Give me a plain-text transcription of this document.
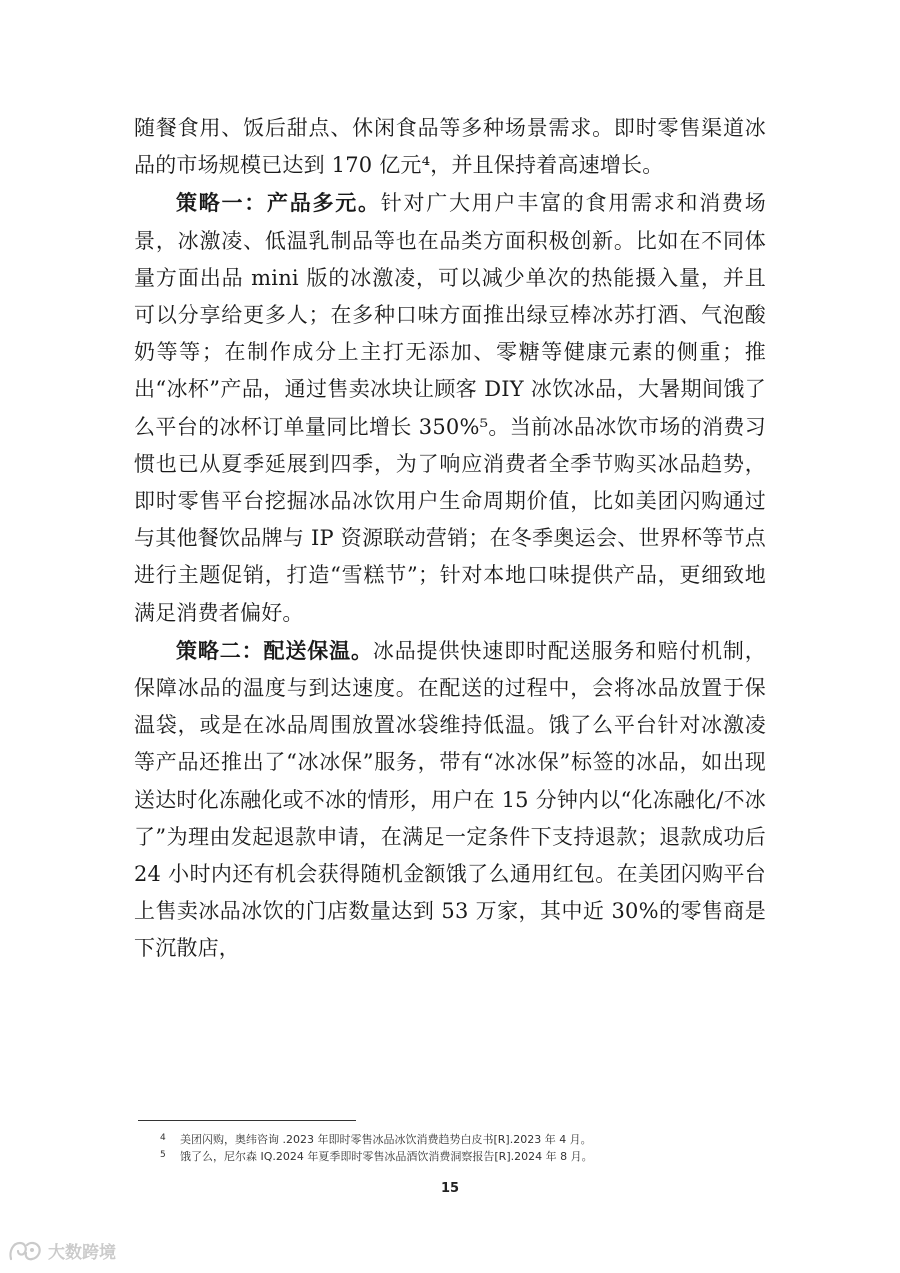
随餐食用、饭后甜点、休闲食品等多种场景需求。即时零售渠道冰品的市场规模已达到 170 亿元⁴，并且保持着高速增长。

策略一：产品多元。针对广大用户丰富的食用需求和消费场景，冰激凌、低温乳制品等也在品类方面积极创新。比如在不同体量方面出品 mini 版的冰激凌，可以减少单次的热能摄入量，并且可以分享给更多人；在多种口味方面推出绿豆棒冰苏打酒、气泡酸奶等等；在制作成分上主打无添加、零糖等健康元素的侧重；推出“冰杯”产品，通过售卖冰块让顾客 DIY 冰饮冰品，大暑期间饿了么平台的冰杯订单量同比增长 350%⁵。当前冰品冰饮市场的消费习惯也已从夏季延展到四季，为了响应消费者全季节购买冰品趋势，即时零售平台挖掘冰品冰饮用户生命周期价值，比如美团闪购通过与其他餐饮品牌与 IP 资源联动营销；在冬季奥运会、世界杯等节点进行主题促销，打造“雪糕节”；针对本地口味提供产品，更细致地满足消费者偏好。

策略二：配送保温。冰品提供快速即时配送服务和赔付机制，保障冰品的温度与到达速度。在配送的过程中，会将冰品放置于保温袋，或是在冰品周围放置冰袋维持低温。饿了么平台针对冰激凌等产品还推出了“冰冰保”服务，带有“冰冰保”标签的冰品，如出现送达时化冻融化或不冰的情形，用户在 15 分钟内以“化冻融化/不冰了”为理由发起退款申请，在满足一定条件下支持退款；退款成功后 24 小时内还有机会获得随机金额饿了么通用红包。在美团闪购平台上售卖冰品冰饮的门店数量达到 53 万家，其中近 30%的零售商是下沉散店，

4	美团闪购，奥纬咨询 .2023 年即时零售冰品冰饮消费趋势白皮书[R].2023 年 4 月。
5	饿了么，尼尔森 IQ.2024 年夏季即时零售冰品酒饮消费洞察报告[R].2024 年 8 月。
15
大数跨境
